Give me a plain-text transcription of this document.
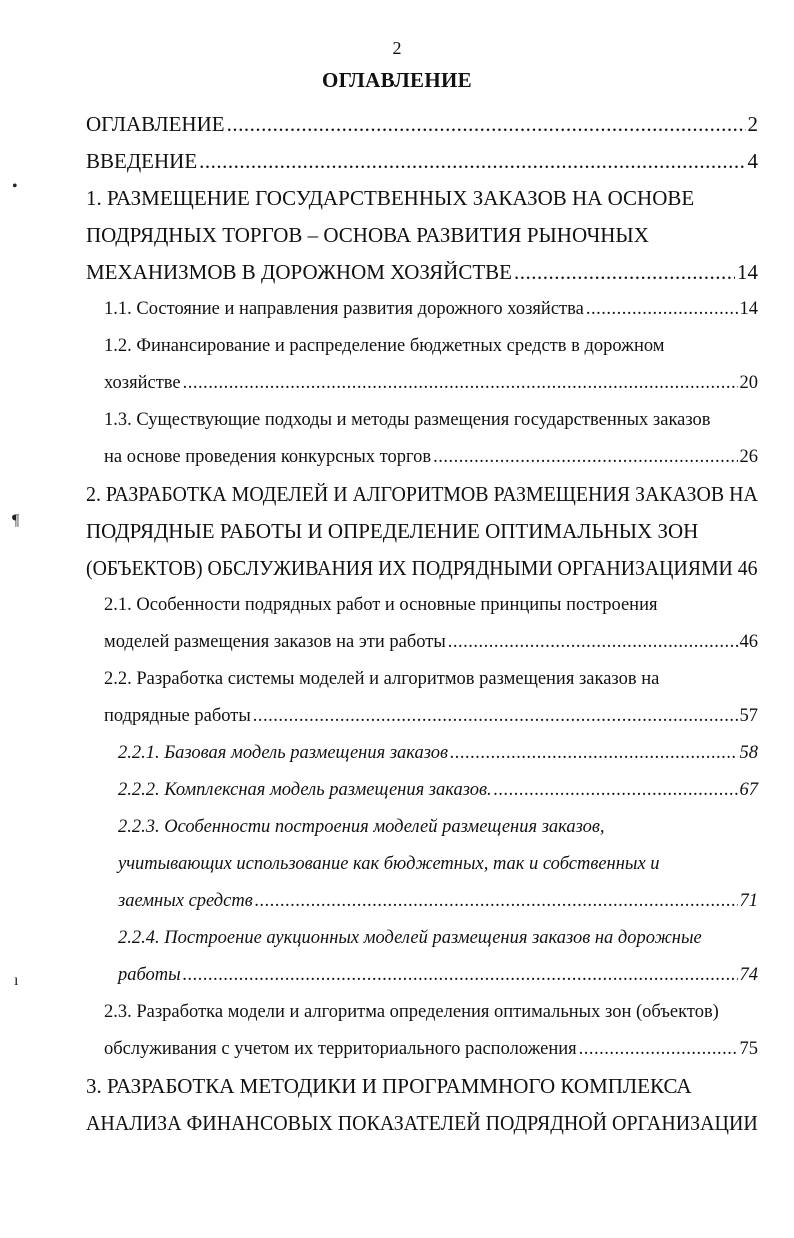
2
ОГЛАВЛЕНИЕ
•
¶
ı
ОГЛАВЛЕНИЕ .....	2
ВВЕДЕНИЕ .....	4
1. РАЗМЕЩЕНИЕ ГОСУДАРСТВЕННЫХ ЗАКАЗОВ НА ОСНОВЕ
ПОДРЯДНЫХ ТОРГОВ – ОСНОВА РАЗВИТИЯ РЫНОЧНЫХ
МЕХАНИЗМОВ В ДОРОЖНОМ ХОЗЯЙСТВЕ .....	14
1.1. Состояние и направления развития дорожного хозяйства .....	14
1.2. Финансирование и распределение бюджетных средств в дорожном
хозяйстве .....	20
1.3. Существующие подходы и методы размещения государственных заказов
на основе проведения конкурсных торгов .....	26
2. РАЗРАБОТКА МОДЕЛЕЙ И АЛГОРИТМОВ РАЗМЕЩЕНИЯ ЗАКАЗОВ НА
ПОДРЯДНЫЕ РАБОТЫ И ОПРЕДЕЛЕНИЕ ОПТИМАЛЬНЫХ ЗОН
(ОБЪЕКТОВ) ОБСЛУЖИВАНИЯ ИХ ПОДРЯДНЫМИ ОРГАНИЗАЦИЯМИ 46
2.1. Особенности подрядных работ и основные принципы построения
моделей размещения заказов на эти работы .....	46
2.2. Разработка системы моделей и алгоритмов размещения заказов на
подрядные работы .....	57
2.2.1. Базовая модель размещения заказов .....	58
2.2.2. Комплексная модель размещения заказов. .....	67
2.2.3. Особенности построения моделей размещения заказов,
учитывающих использование как бюджетных, так и собственных и
заемных средств .....	71
2.2.4. Построение аукционных моделей размещения заказов на дорожные
работы .....	74
2.3. Разработка модели и алгоритма определения оптимальных зон (объектов)
обслуживания с учетом их территориального расположения .....	75
3. РАЗРАБОТКА МЕТОДИКИ И ПРОГРАММНОГО КОМПЛЕКСА
АНАЛИЗА ФИНАНСОВЫХ ПОКАЗАТЕЛЕЙ ПОДРЯДНОЙ ОРГАНИЗАЦИИ
